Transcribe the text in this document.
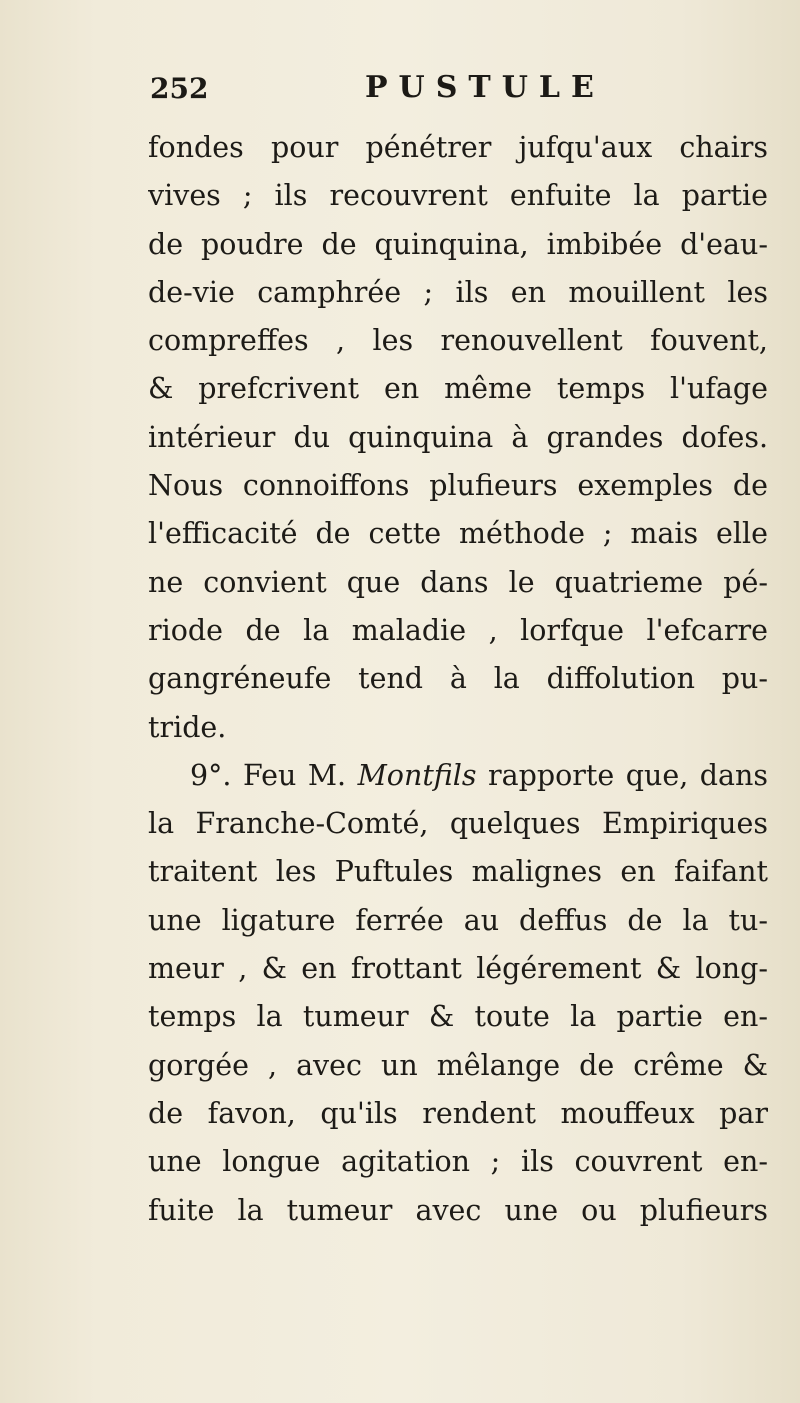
252	PUSTULE
fondes pour pénétrer jufqu'aux chairs
vives ; ils recouvrent enfuite la partie
de poudre de quinquina, imbibée d'eau-
de-vie camphrée ; ils en mouillent les
compreffes , les renouvellent fouvent,
& prefcrivent en même temps l'ufage
intérieur du quinquina à grandes dofes.
Nous connoiffons plufieurs exemples de
l'efficacité de cette méthode ; mais elle
ne convient que dans le quatrieme pé-
riode de la maladie , lorfque l'efcarre
gangréneufe tend à la diffolution pu-
tride.
9°. Feu M. Montfils rapporte que, dans
la Franche-Comté, quelques Empiriques
traitent les Puftules malignes en faifant
une ligature ferrée au deffus de la tu-
meur , & en frottant légérement & long-
temps la tumeur & toute la partie en-
gorgée , avec un mêlange de crême &
de favon, qu'ils rendent mouffeux par
une longue agitation ; ils couvrent en-
fuite la tumeur avec une ou plufieurs
